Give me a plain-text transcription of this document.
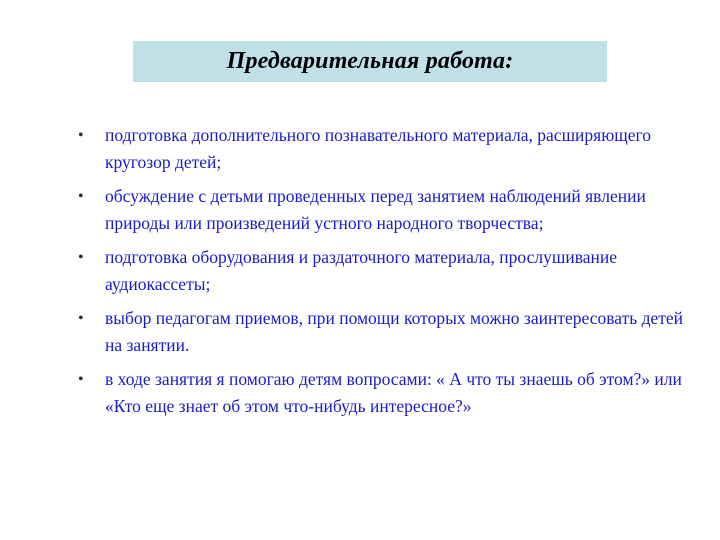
Предварительная работа:
• подготовка дополнительного познавательного материала, расширяющего кругозор детей;
• обсуждение с детьми проведенных перед занятием наблюдений явлении природы или произведений устного народного творчества;
• подготовка оборудования и раздаточного материала, прослушивание аудиокассеты;
• выбор педагогам приемов, при помощи которых можно заинтересовать детей на занятии.
• в ходе занятия я помогаю детям вопросами: « А что ты знаешь об этом?» или «Кто еще знает об этом что-нибудь интересное?»
